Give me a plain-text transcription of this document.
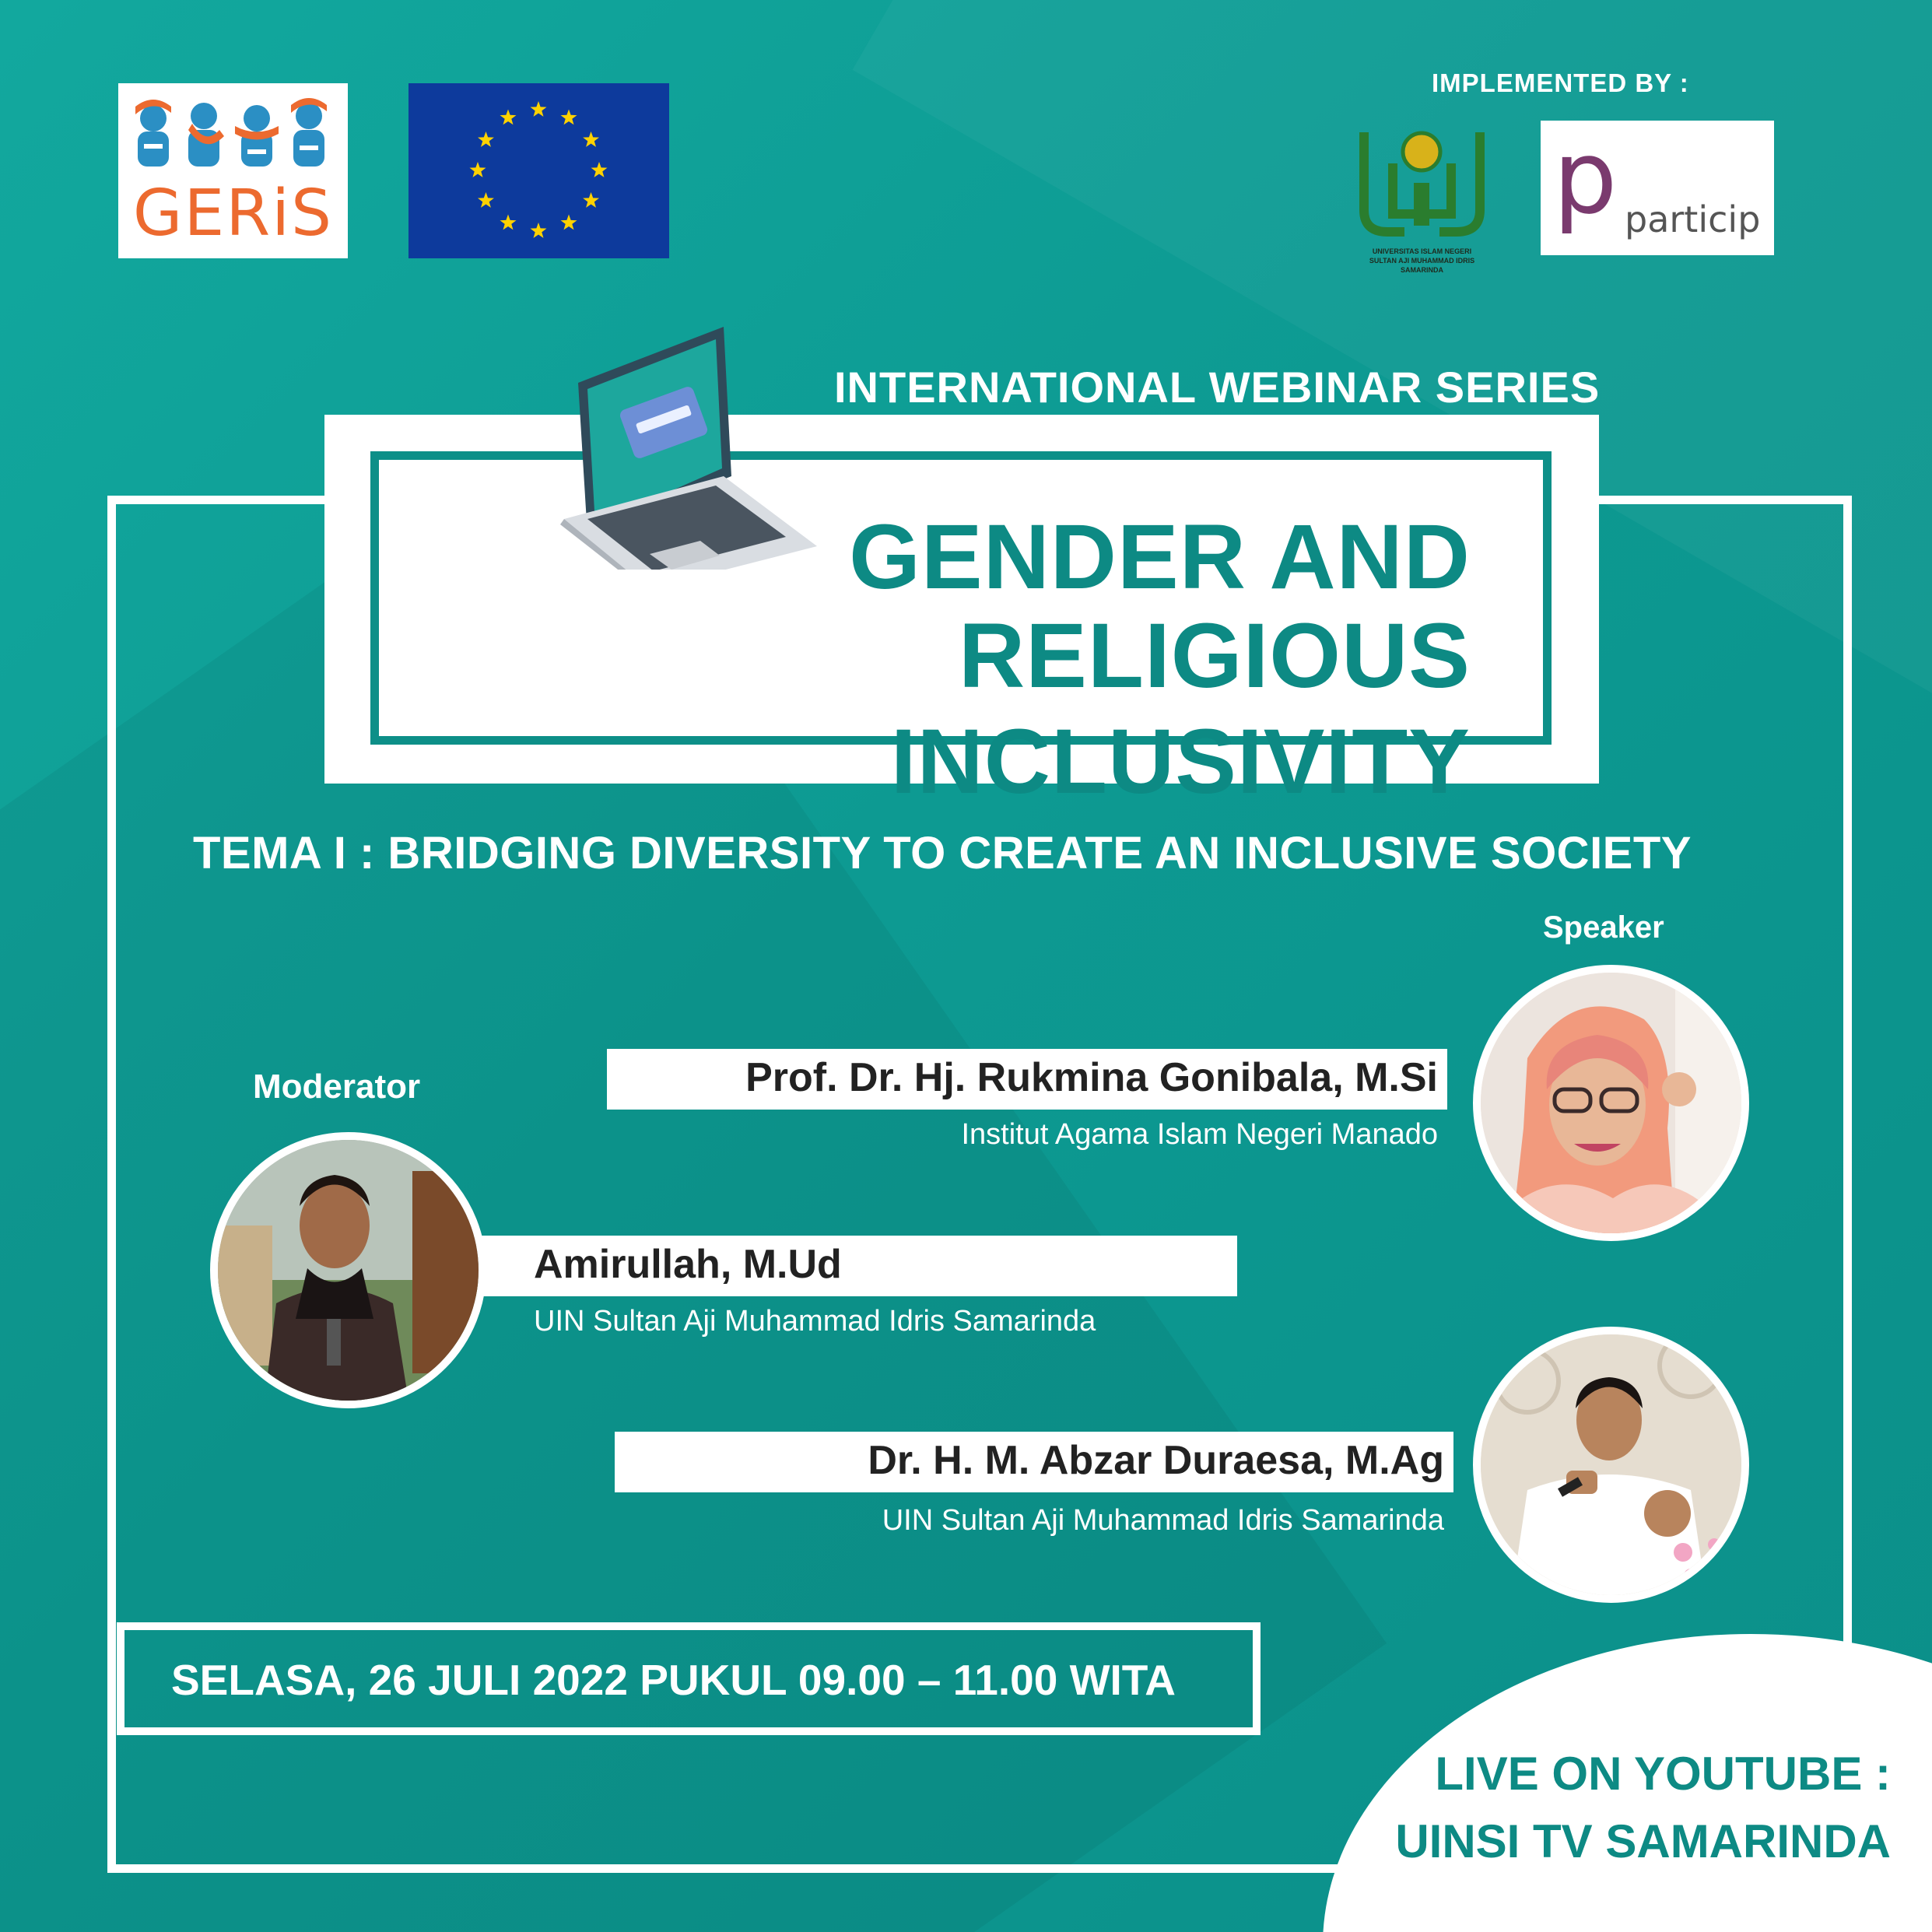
GERiS
IMPLEMENTED BY :
UNIVERSITAS ISLAM NEGERI
SULTAN AJI MUHAMMAD IDRIS
SAMARINDA
p particip
INTERNATIONAL WEBINAR SERIES
GENDER AND
RELIGIOUS INCLUSIVITY
TEMA I : BRIDGING DIVERSITY TO CREATE AN INCLUSIVE SOCIETY
Speaker
Moderator	Prof. Dr. Hj. Rukmina Gonibala, M.Si
Institut Agama Islam Negeri Manado
Amirullah, M.Ud
UIN Sultan Aji Muhammad Idris Samarinda
Dr. H. M. Abzar Duraesa, M.Ag
UIN Sultan Aji Muhammad Idris Samarinda
SELASA, 26 JULI 2022 PUKUL 09.00 – 11.00 WITA
LIVE ON YOUTUBE :
UINSI TV SAMARINDA
